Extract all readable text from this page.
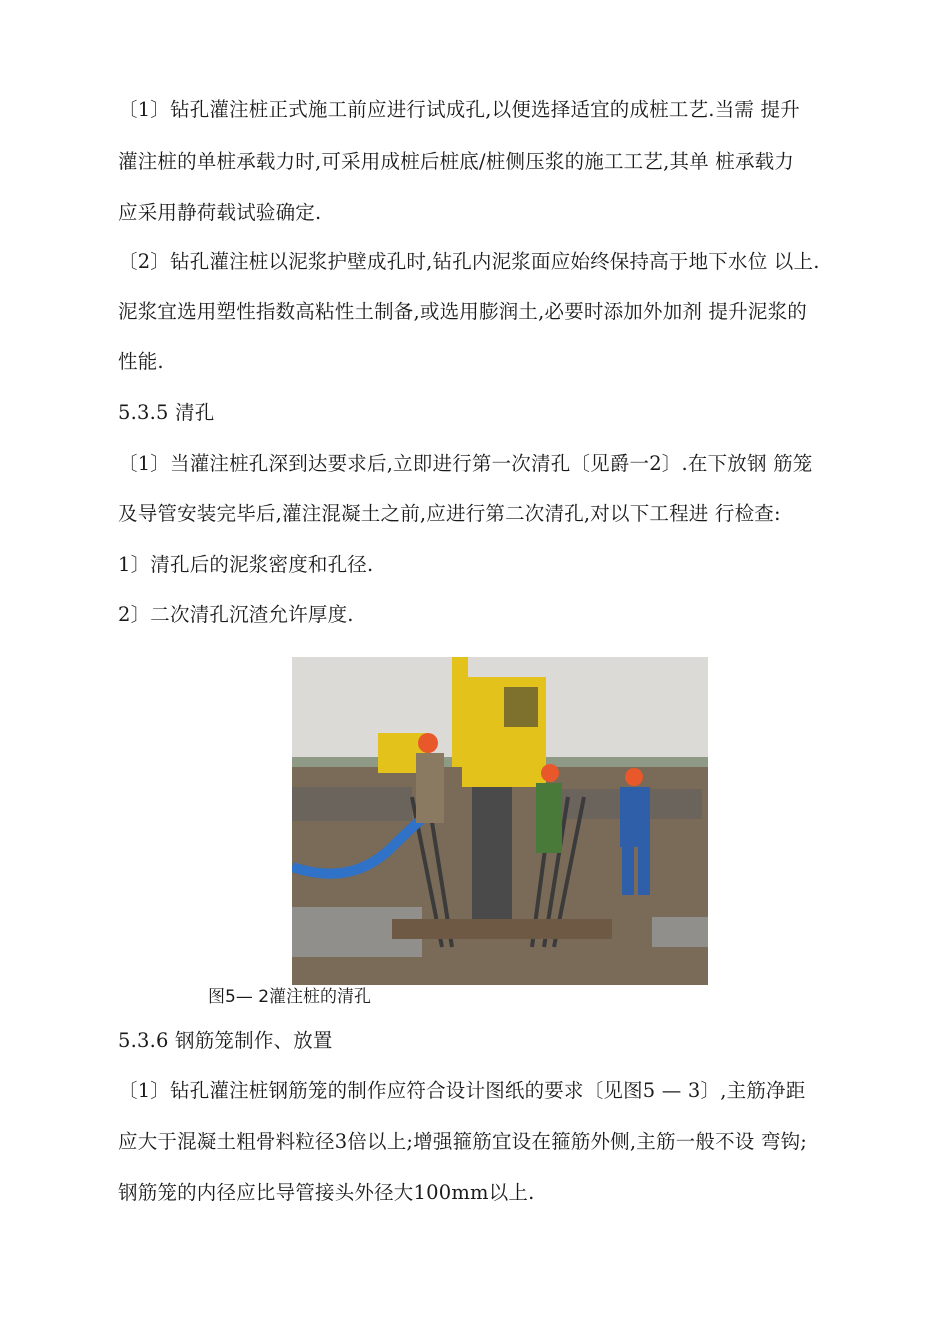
〔1〕钻孔灌注桩正式施工前应进行试成孔,以便选择适宜的成桩工艺.当需 提升
灌注桩的单桩承载力时,可采用成桩后桩底/桩侧压浆的施工工艺,其单 桩承载力
应采用静荷载试验确定.
〔2〕钻孔灌注桩以泥浆护壁成孔时,钻孔内泥浆面应始终保持高于地下水位 以上.
泥浆宜选用塑性指数高粘性土制备,或选用膨润土,必要时添加外加剂 提升泥浆的
性能.
5.3.5 清孔
〔1〕当灌注桩孔深到达要求后,立即进行第一次清孔〔见爵一2〕.在下放钢 筋笼
及导管安装完毕后,灌注混凝土之前,应进行第二次清孔,对以下工程进 行检查:
1〕清孔后的泥浆密度和孔径.
2〕二次清孔沉渣允许厚度.
图5— 2灌注桩的清孔
5.3.6 钢筋笼制作、放置
〔1〕钻孔灌注桩钢筋笼的制作应符合设计图纸的要求〔见图5 — 3〕,主筋净距
应大于混凝土粗骨料粒径3倍以上;增强箍筋宜设在箍筋外侧,主筋一般不设 弯钩;
钢筋笼的内径应比导管接头外径大100mm以上.
